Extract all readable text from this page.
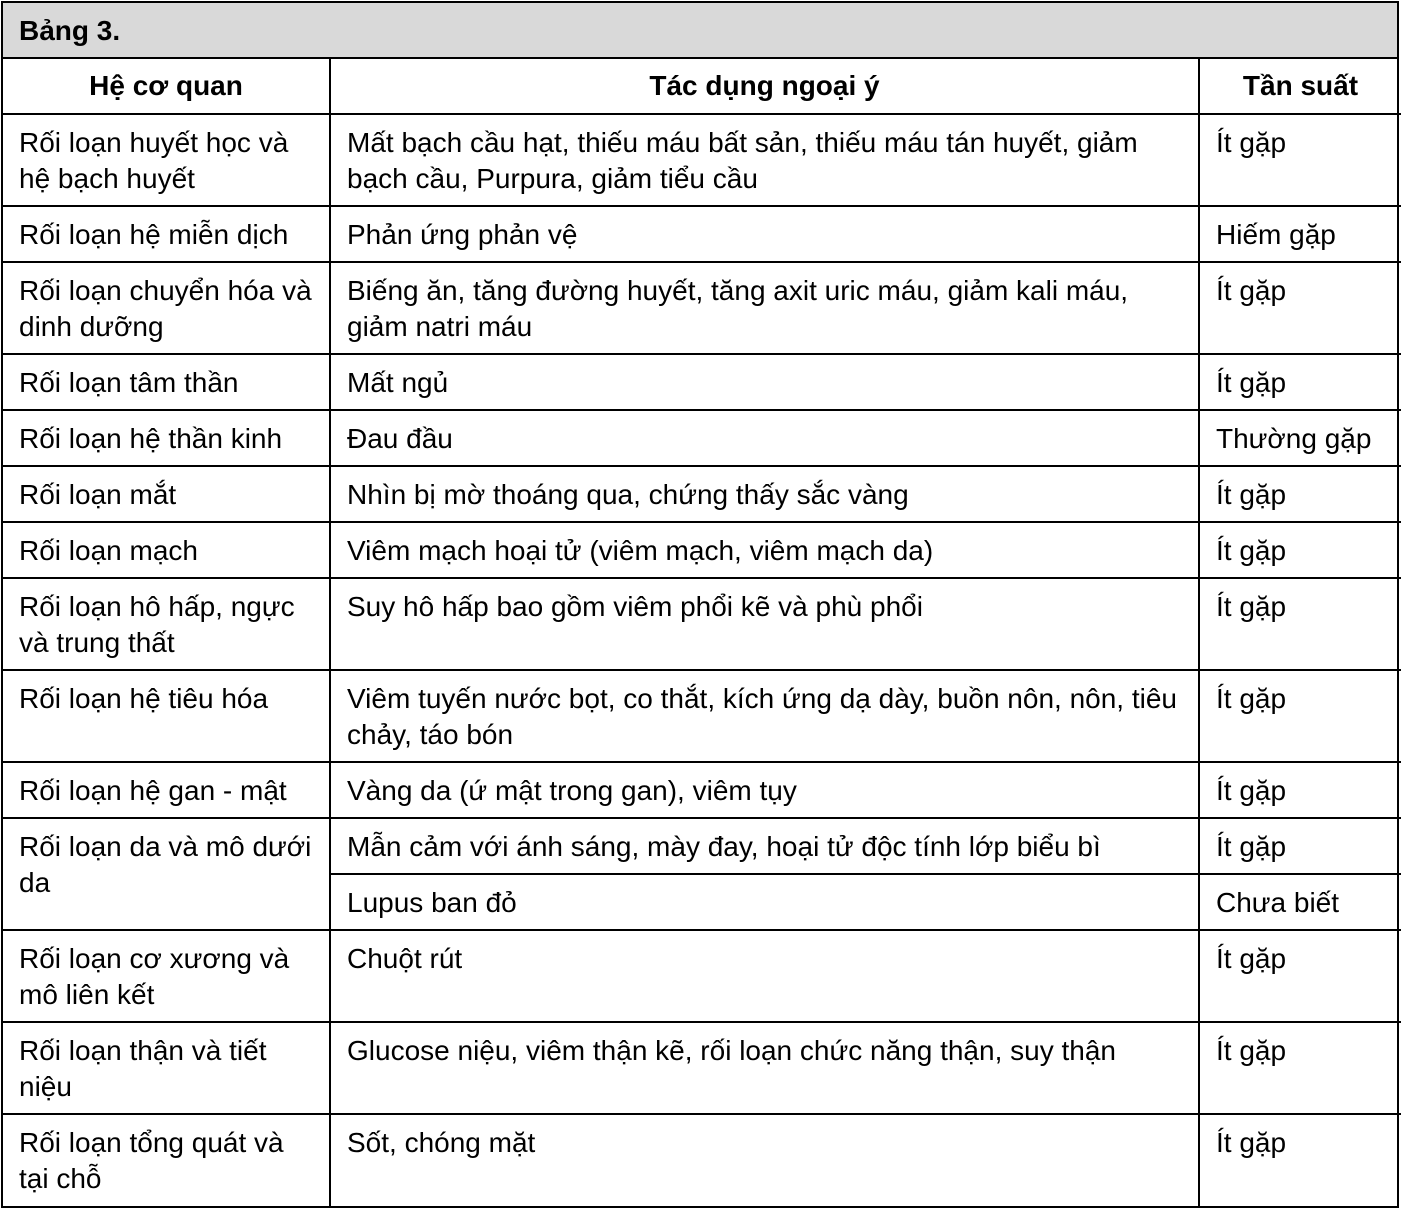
Bảng 3.
Hệ cơ quan	Tác dụng ngoại ý	Tần suất
Rối loạn huyết học và hệ bạch huyết	Mất bạch cầu hạt, thiếu máu bất sản, thiếu máu tán huyết, giảm bạch cầu, Purpura, giảm tiểu cầu	Ít gặp
Rối loạn hệ miễn dịch	Phản ứng phản vệ	Hiếm gặp
Rối loạn chuyển hóa và dinh dưỡng	Biếng ăn, tăng đường huyết, tăng axit uric máu, giảm kali máu, giảm natri máu	Ít gặp
Rối loạn tâm thần	Mất ngủ	Ít gặp
Rối loạn hệ thần kinh	Đau đầu	Thường gặp
Rối loạn mắt	Nhìn bị mờ thoáng qua, chứng thấy sắc vàng	Ít gặp
Rối loạn mạch	Viêm mạch hoại tử (viêm mạch, viêm mạch da)	Ít gặp
Rối loạn hô hấp, ngực và trung thất	Suy hô hấp bao gồm viêm phổi kẽ và phù phổi	Ít gặp
Rối loạn hệ tiêu hóa	Viêm tuyến nước bọt, co thắt, kích ứng dạ dày, buồn nôn, nôn, tiêu chảy, táo bón	Ít gặp
Rối loạn hệ gan - mật	Vàng da (ứ mật trong gan), viêm tụy	Ít gặp
Rối loạn da và mô dưới da	Mẫn cảm với ánh sáng, mày đay, hoại tử độc tính lớp biểu bì	Ít gặp
	Lupus ban đỏ	Chưa biết
Rối loạn cơ xương và mô liên kết	Chuột rút	Ít gặp
Rối loạn thận và tiết niệu	Glucose niệu, viêm thận kẽ, rối loạn chức năng thận, suy thận	Ít gặp
Rối loạn tổng quát và tại chỗ	Sốt, chóng mặt	Ít gặp
